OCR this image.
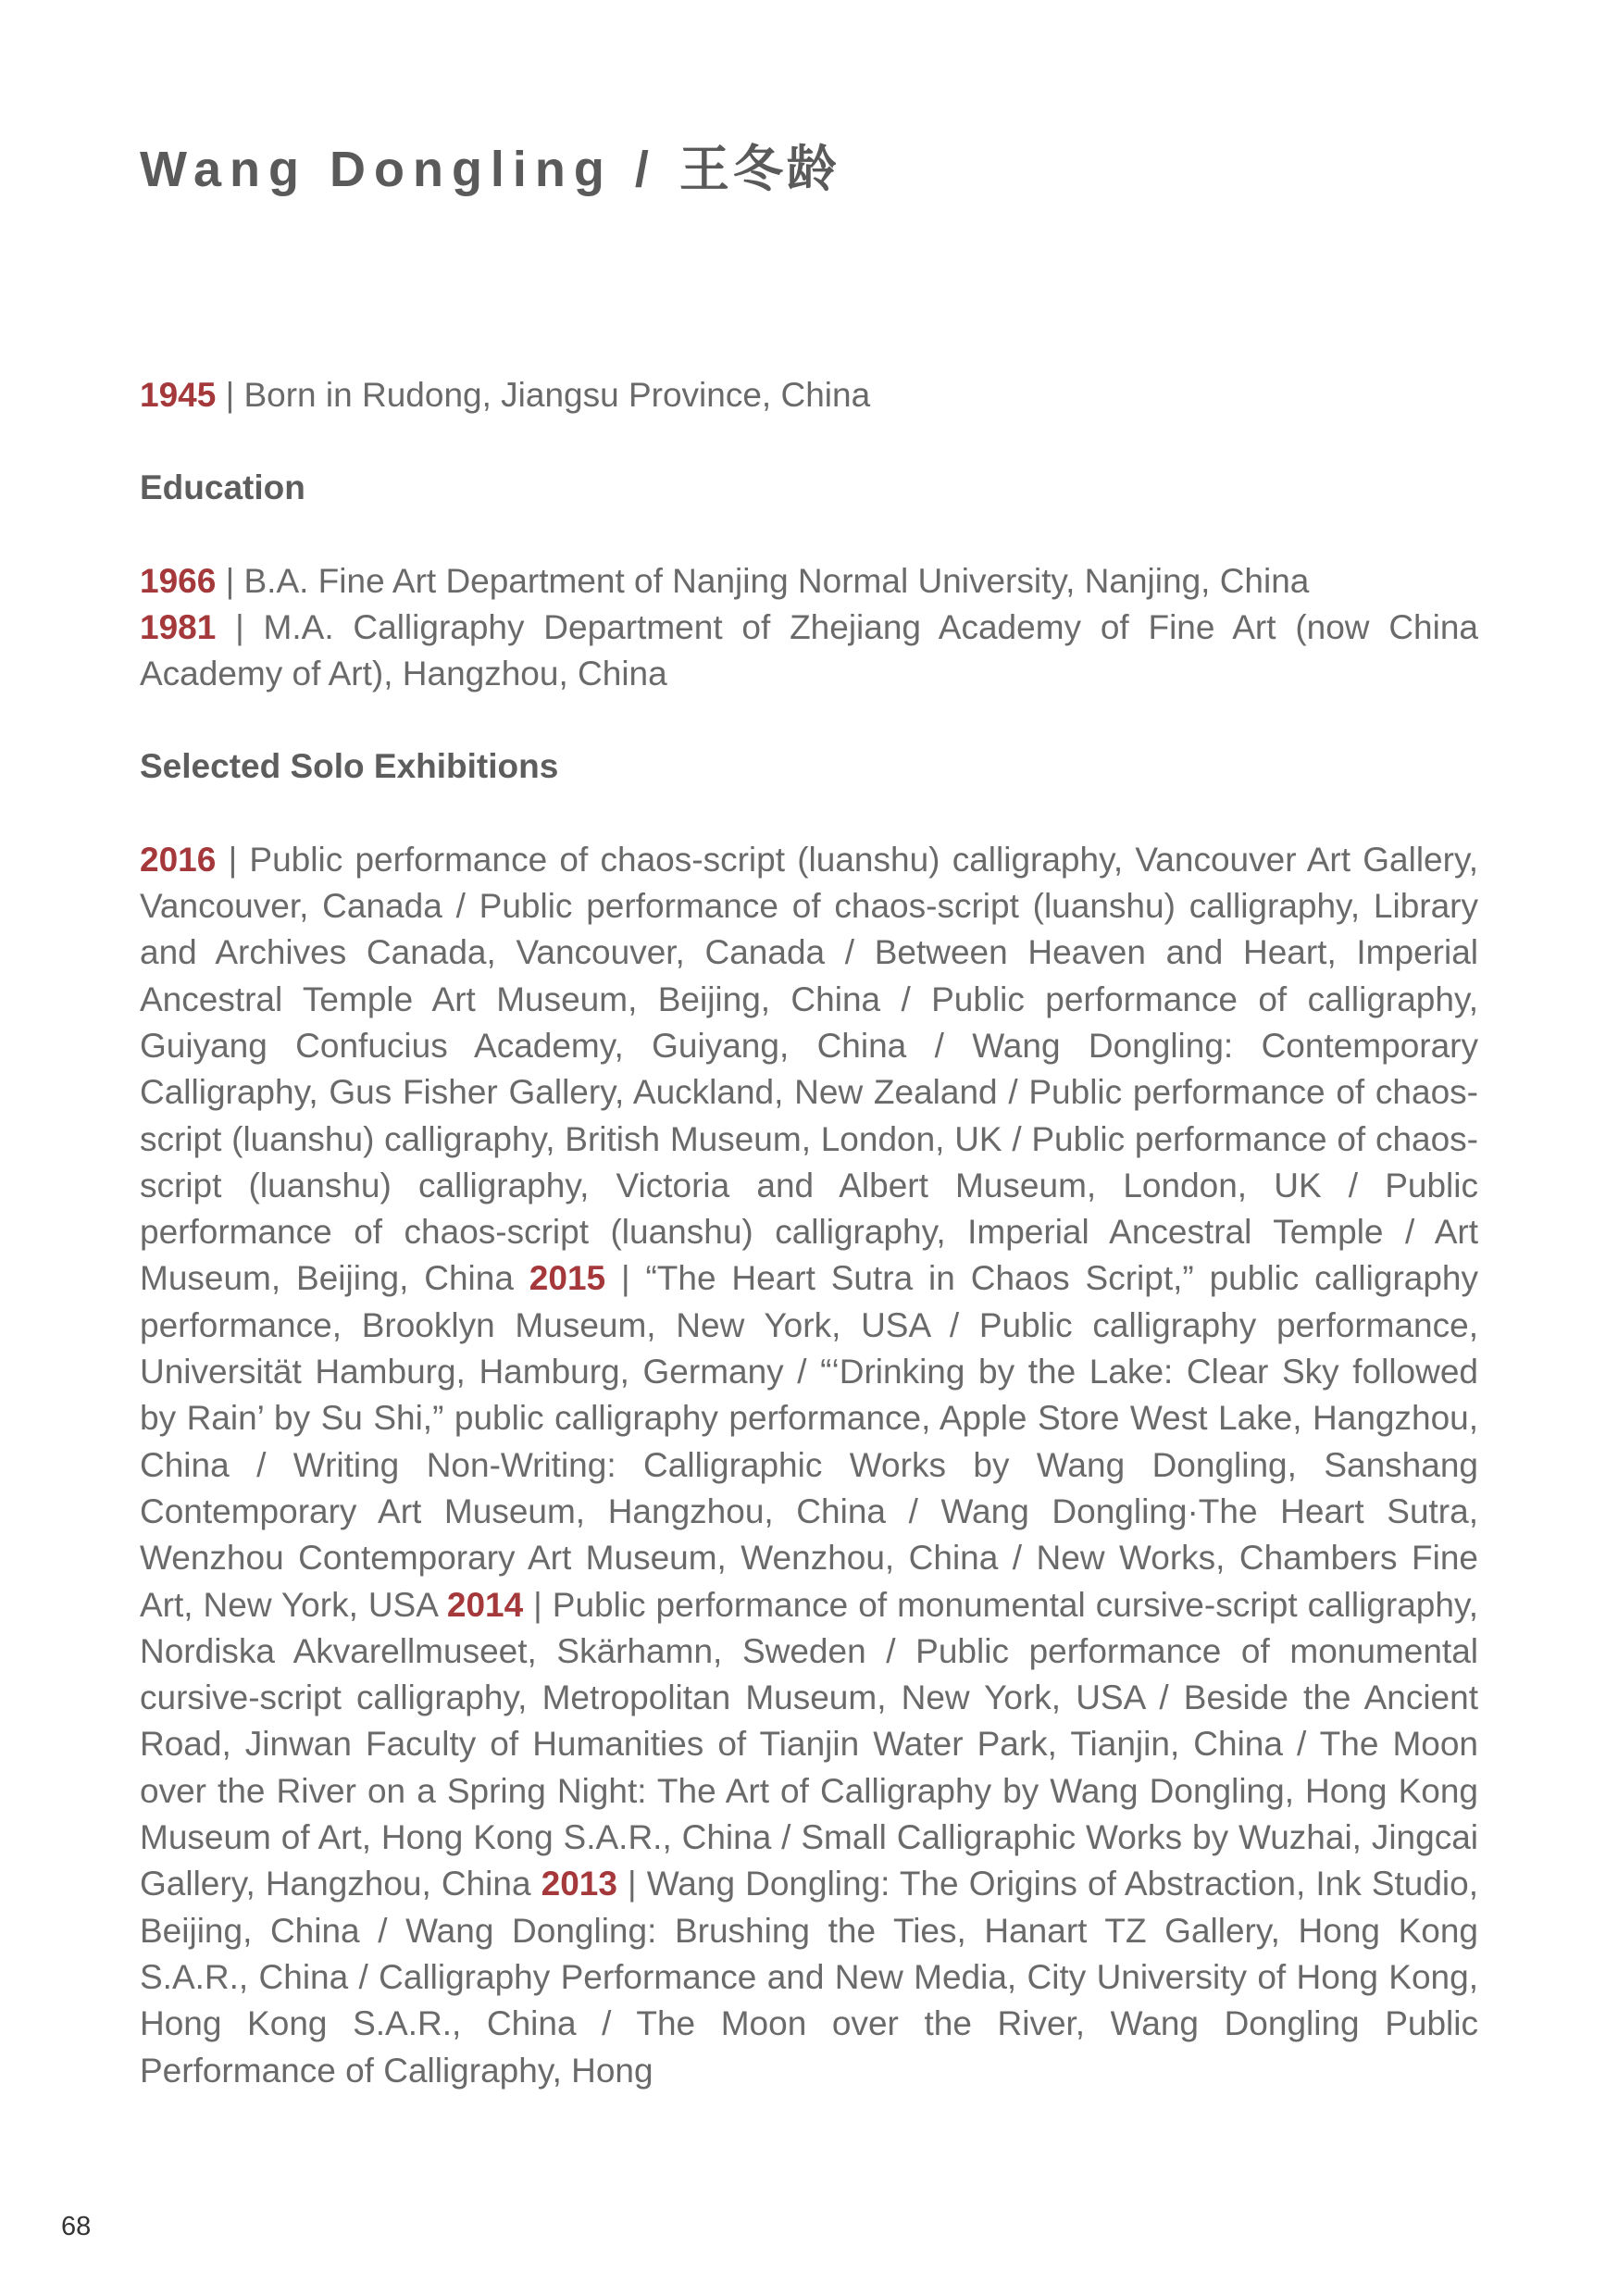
Wang Dongling / 王冬龄

1945 | Born in Rudong, Jiangsu Province, China

Education

1966 | B.A. Fine Art Department of Nanjing Normal University, Nanjing, China

1981 | M.A. Calligraphy Department of Zhejiang Academy of Fine Art (now China Academy of Art), Hangzhou, China

Selected Solo Exhibitions

2016 | Public performance of chaos-script (luanshu) calligraphy, Vancouver Art Gallery, Vancouver, Canada / Public performance of chaos-script (luanshu) calligraphy, Library and Archives Canada, Vancouver, Canada / Between Heaven and Heart, Imperial Ancestral Temple Art Museum, Beijing, China / Public performance of calligraphy, Guiyang Confucius Academy, Guiyang, China / Wang Dongling: Contemporary Calligraphy, Gus Fisher Gallery, Auckland, New Zealand / Public performance of chaos-script (luanshu) calligraphy, British Museum, London, UK / Public performance of chaos-script (luanshu) calligraphy, Victoria and Albert Museum, London, UK / Public performance of chaos-script (luanshu) calligraphy, Imperial Ancestral Temple / Art Museum, Beijing, China 2015 | “The Heart Sutra in Chaos Script,” public calligraphy performance, Brooklyn Museum, New York, USA / Public calligraphy performance, Universität Hamburg, Hamburg, Germany / “‘Drinking by the Lake: Clear Sky followed by Rain’ by Su Shi,” public calligraphy performance, Apple Store West Lake, Hangzhou, China / Writing Non-Writing: Calligraphic Works by Wang Dongling, Sanshang Contemporary Art Museum, Hangzhou, China / Wang Dongling·The Heart Sutra, Wenzhou Contemporary Art Museum, Wenzhou, China / New Works, Chambers Fine Art, New York, USA 2014 | Public performance of monumental cursive-script calligraphy, Nordiska Akvarellmuseet, Skärhamn, Sweden / Public performance of monumental cursive-script calligraphy, Metropolitan Museum, New York, USA / Beside the Ancient Road, Jinwan Faculty of Humanities of Tianjin Water Park, Tianjin, China / The Moon over the River on a Spring Night: The Art of Calligraphy by Wang Dongling, Hong Kong Museum of Art, Hong Kong S.A.R., China / Small Calligraphic Works by Wuzhai, Jingcai Gallery, Hangzhou, China 2013 | Wang Dongling: The Origins of Abstraction, Ink Studio, Beijing, China / Wang Dongling: Brushing the Ties, Hanart TZ Gallery, Hong Kong S.A.R., China / Calligraphy Performance and New Media, City University of Hong Kong, Hong Kong S.A.R., China / The Moon over the River, Wang Dongling Public Performance of Calligraphy, Hong

68
